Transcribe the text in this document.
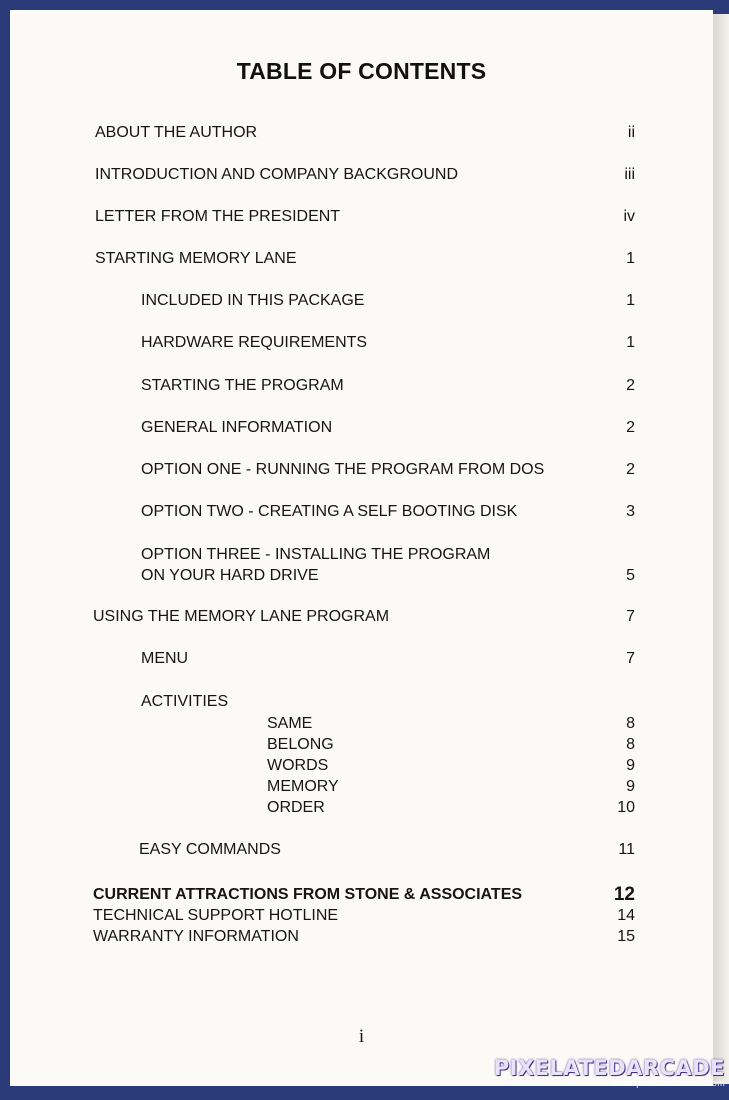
TABLE OF CONTENTS
ABOUT THE AUTHOR	ii
INTRODUCTION AND COMPANY BACKGROUND	iii
LETTER FROM THE PRESIDENT	iv
STARTING MEMORY LANE	1
INCLUDED IN THIS PACKAGE	1
HARDWARE REQUIREMENTS	1
STARTING THE PROGRAM	2
GENERAL INFORMATION	2
OPTION ONE - RUNNING THE PROGRAM FROM DOS	2
OPTION TWO - CREATING A SELF BOOTING DISK	3
OPTION THREE - INSTALLING THE PROGRAM
ON YOUR HARD DRIVE	5
USING THE MEMORY LANE PROGRAM	7
MENU	7
ACTIVITIES
SAME	8
BELONG	8
WORDS	9
MEMORY	9
ORDER	10
EASY COMMANDS	11
CURRENT ATTRACTIONS FROM STONE & ASSOCIATES	12
TECHNICAL SUPPORT HOTLINE	14
WARRANTY INFORMATION	15
i
PIXELATEDARCADE
www.pixelatedarcade.com
